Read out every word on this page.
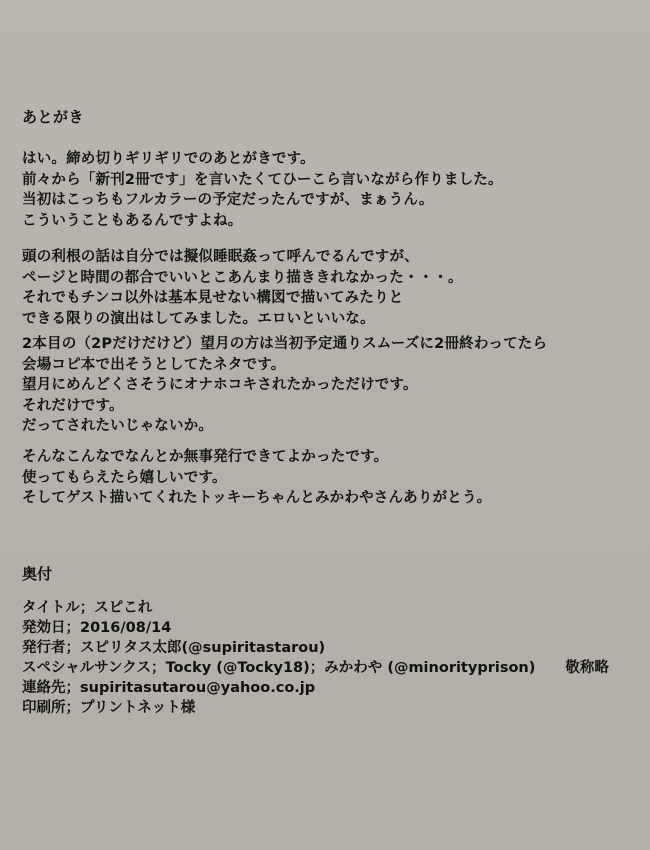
あとがき
はい。締め切りギリギリでのあとがきです。
前々から「新刊2冊です」を言いたくてひーこら言いながら作りました。
当初はこっちもフルカラーの予定だったんですが、まぁうん。
こういうこともあるんですよね。
頭の利根の話は自分では擬似睡眠姦って呼んでるんですが、
ページと時間の都合でいいとこあんまり描ききれなかった・・・。
それでもチンコ以外は基本見せない構図で描いてみたりと
できる限りの演出はしてみました。エロいといいな。
2本目の（2Pだけだけど）望月の方は当初予定通りスムーズに2冊終わってたら
会場コピ本で出そうとしてたネタです。
望月にめんどくさそうにオナホコキされたかっただけです。
それだけです。
だってされたいじゃないか。
そんなこんなでなんとか無事発行できてよかったです。
使ってもらえたら嬉しいです。
そしてゲスト描いてくれたトッキーちゃんとみかわやさんありがとう。
奥付
タイトル； スピこれ
発効日； 2016/08/14
発行者； スピリタス太郎(@supiritastarou)
スペシャルサンクス； Tocky (@Tocky18)；みかわや (@minorityprison) 敬称略
連絡先； supiritasutarou@yahoo.co.jp
印刷所； プリントネット様
